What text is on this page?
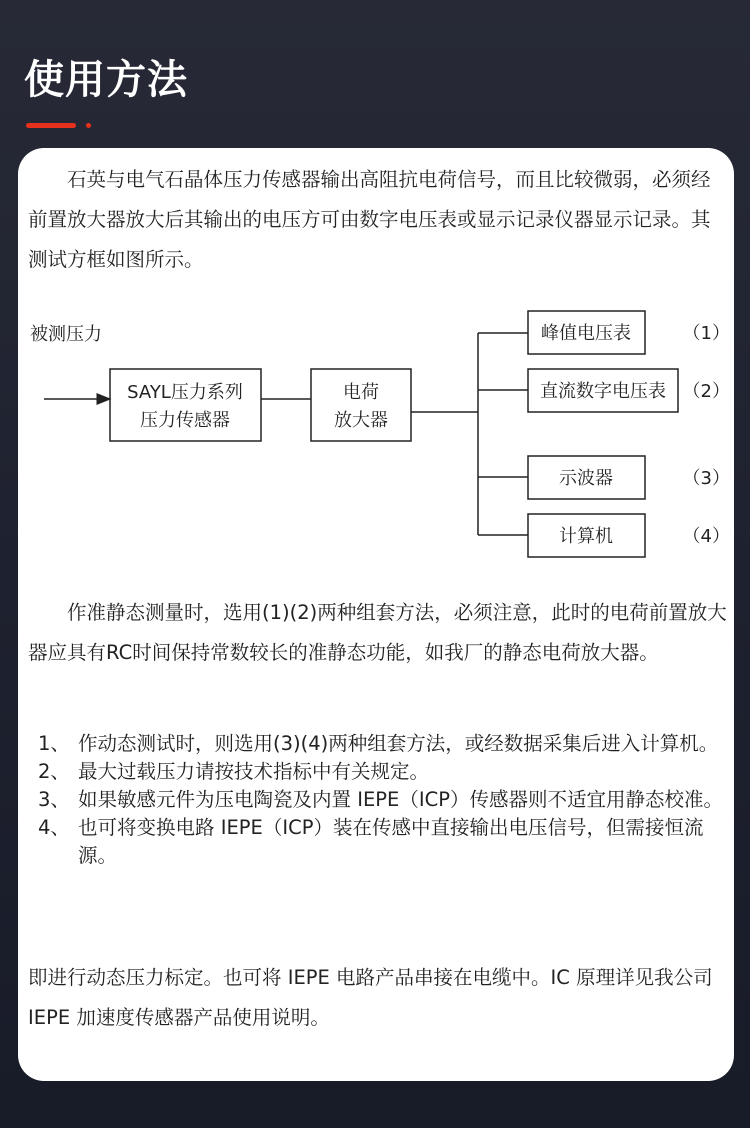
使用方法

石英与电气石晶体压力传感器输出高阻抗电荷信号，而且比较微弱，必须经前置放大器放大后其输出的电压方可由数字电压表或显示记录仪器显示记录。其测试方框如图所示。

被测压力
SAYL压力系列
压力传感器
电荷
放大器
峰值电压表
直流数字电压表
示波器
计算机
（1）
（2）
（3）
（4）

作准静态测量时，选用(1)(2)两种组套方法，必须注意，此时的电荷前置放大器应具有RC时间保持常数较长的准静态功能，如我厂的静态电荷放大器。

1、 作动态测试时，则选用(3)(4)两种组套方法，或经数据采集后进入计算机。
2、 最大过载压力请按技术指标中有关规定。
3、 如果敏感元件为压电陶瓷及内置 IEPE（ICP）传感器则不适宜用静态校准。
4、 也可将变换电路 IEPE（ICP）装在传感中直接输出电压信号，但需接恒流源。

即进行动态压力标定。也可将 IEPE 电路产品串接在电缆中。IC 原理详见我公司 IEPE 加速度传感器产品使用说明。
